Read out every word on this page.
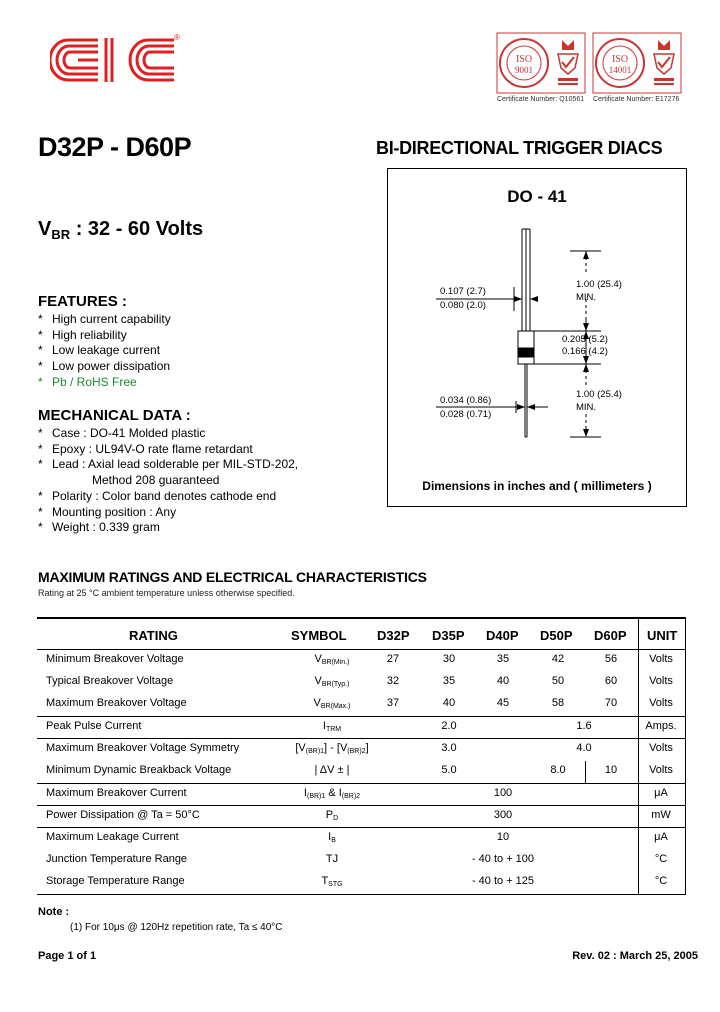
®
ISO
9001
ISO
14001
Certificate Number: Q10561 Certificate Number: E17276
D32P - D60P	BI-DIRECTIONAL TRIGGER DIACS
$V_{BR}$ : 32 - 60 Volts
FEATURES :
* High current capability
* High reliability
* Low leakage current
* Low power dissipation
* Pb / RoHS Free
MECHANICAL DATA :
* Case : DO-41 Molded plastic
* Epoxy : UL94V-O rate flame retardant
* Lead : Axial lead solderable per MIL-STD-202,
Method 208 guaranteed
* Polarity : Color band denotes cathode end
* Mounting position : Any
* Weight : 0.339 gram
DO - 41
0.107 (2.7)
0.080 (2.0)
1.00 (25.4)
MIN.
0.205 (5.2)
0.166 (4.2)
0.034 (0.86)
0.028 (0.71)
1.00 (25.4)
MIN.
Dimensions in inches and ( millimeters )
MAXIMUM RATINGS AND ELECTRICAL CHARACTERISTICS
Rating at 25 °C ambient temperature unless otherwise specified.
RATING	SYMBOL D32P D35P D40P D50P D60P UNIT
Minimum Breakover Voltage	$V_{BR(Min.)}$	27	30	35	42	56	Volts
Typical Breakover Voltage	$V_{BR(Typ.)}$	32	35	40	50	60	Volts
Maximum Breakover Voltage	$V_{BR(Max.)}$	37	40	45	58	70	Volts
Peak Pulse Current	$I_{TRM}$	2.0	1.6	Amps.
Maximum Breakover Voltage Symmetry	$[V_{(BR)1}] - [V_{(BR)2}]$	3.0	4.0	Volts
Minimum Dynamic Breakback Voltage	| ΔV ± |	5.0	8.0	10	Volts
Maximum Breakover Current	$I_{(BR)1}$ & $I_{(BR)2}$	100	μA
Power Dissipation @ Ta = 50°C	$P_D$	300	mW
Maximum Leakage Current	$I_B$	10	μA
Junction Temperature Range	TJ	- 40 to + 100	°C
Storage Temperature Range	$T_{STG}$	- 40 to + 125	°C
Note :
(1) For 10μs @ 120Hz repetition rate, Ta ≤ 40°C
Page 1 of 1	Rev. 02 : March 25, 2005
